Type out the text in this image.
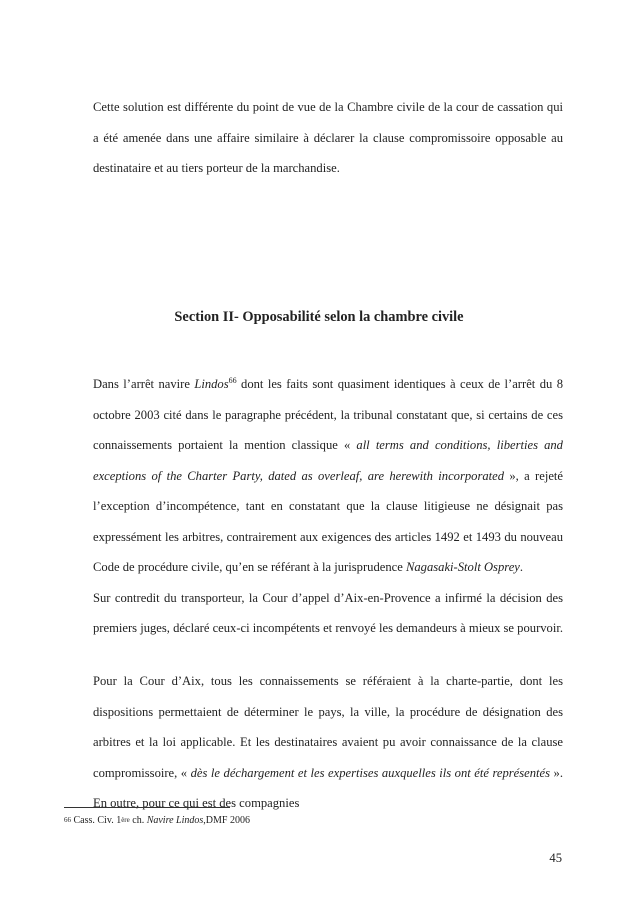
Cette solution est différente du point de vue de la Chambre civile de la cour de cassation qui a été amenée dans une affaire similaire à déclarer la clause compromissoire opposable au destinataire et au tiers porteur de la marchandise.

Section II- Opposabilité selon la chambre civile

Dans l’arrêt navire Lindos$^{66}$ dont les faits sont quasiment identiques à ceux de l’arrêt du 8 octobre 2003 cité dans le paragraphe précédent, la tribunal constatant que, si certains de ces connaissements portaient la mention classique « all terms and conditions, liberties and exceptions of the Charter Party, dated as overleaf, are herewith incorporated », a rejeté l’exception d’incompétence, tant en constatant que la clause litigieuse ne désignait pas expressément les arbitres, contrairement aux exigences des articles 1492 et 1493 du nouveau Code de procédure civile, qu’en se référant à la jurisprudence Nagasaki-Stolt Osprey.
Sur contredit du transporteur, la Cour d’appel d’Aix-en-Provence a infirmé la décision des premiers juges, déclaré ceux-ci incompétents et renvoyé les demandeurs à mieux se pourvoir.

Pour la Cour d’Aix, tous les connaissements se référaient à la charte-partie, dont les dispositions permettaient de déterminer le pays, la ville, la procédure de désignation des arbitres et la loi applicable. Et les destinataires avaient pu avoir connaissance de la clause compromissoire, « dès le déchargement et les expertises auxquelles ils ont été représentés ». En outre, pour ce qui est des compagnies

$^{66}$ Cass. Civ. 1ère ch. Navire Lindos,DMF 2006
45
